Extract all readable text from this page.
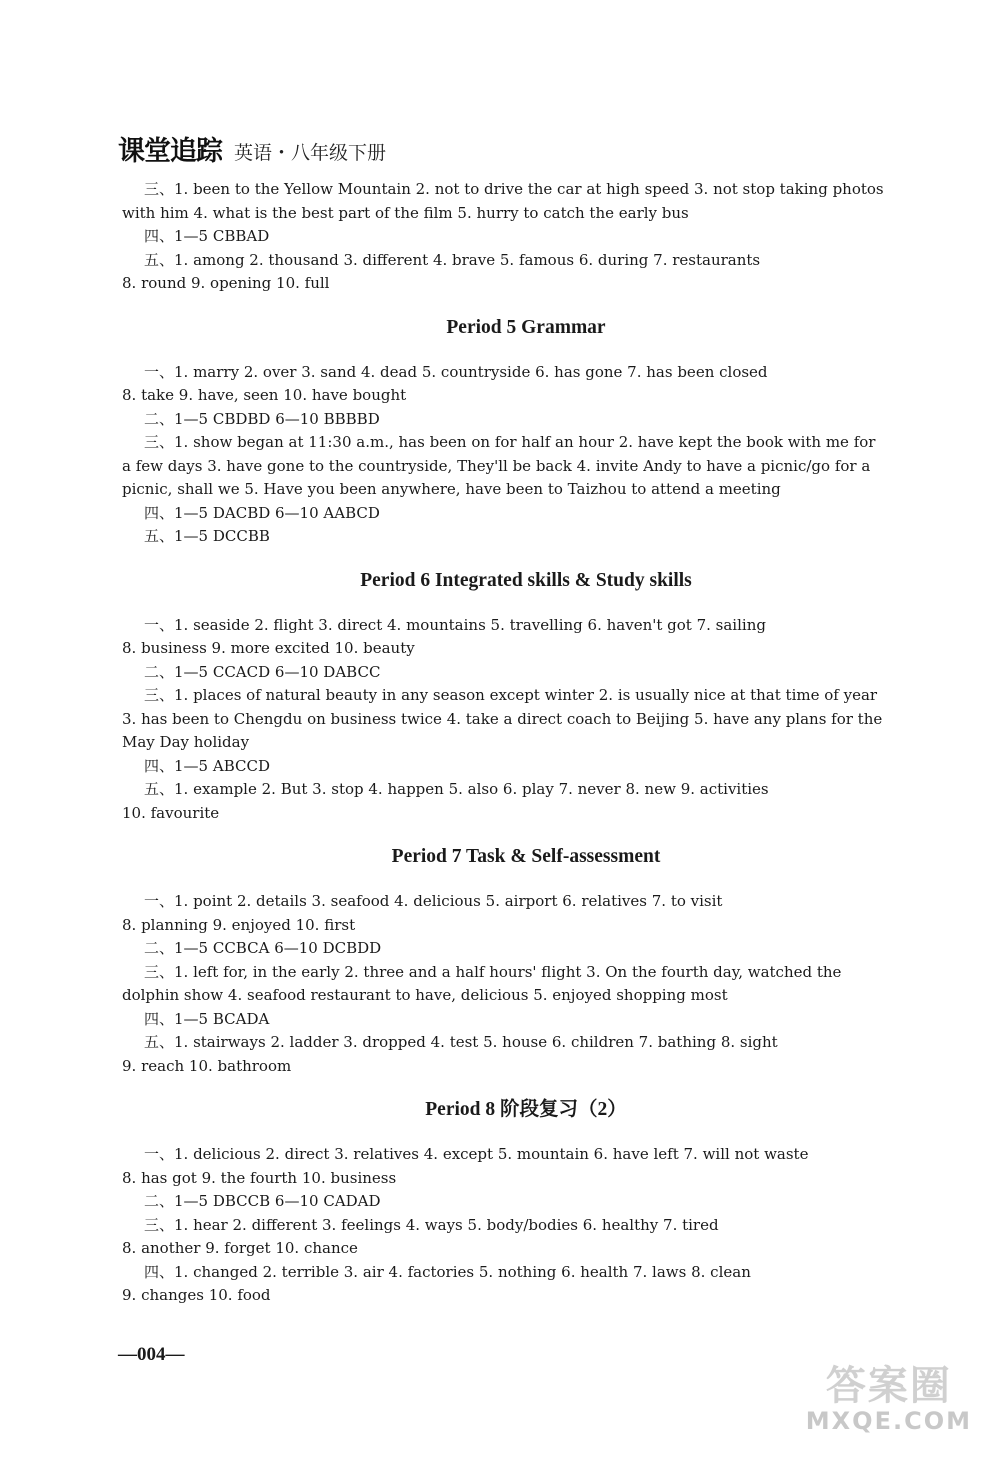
课堂追踪 英语・八年级下册
三、1. been to the Yellow Mountain 2. not to drive the car at high speed 3. not stop taking photos
with him 4. what is the best part of the film 5. hurry to catch the early bus
四、1—5 CBBAD
五、1. among 2. thousand 3. different 4. brave 5. famous 6. during 7. restaurants
8. round 9. opening 10. full
Period 5 Grammar
一、1. marry 2. over 3. sand 4. dead 5. countryside 6. has gone 7. has been closed
8. take 9. have, seen 10. have bought
二、1—5 CBDBD 6—10 BBBBD
三、1. show began at 11:30 a.m., has been on for half an hour 2. have kept the book with me for
a few days 3. have gone to the countryside, They'll be back 4. invite Andy to have a picnic/go for a
picnic, shall we 5. Have you been anywhere, have been to Taizhou to attend a meeting
四、1—5 DACBD 6—10 AABCD
五、1—5 DCCBB
Period 6 Integrated skills & Study skills
一、1. seaside 2. flight 3. direct 4. mountains 5. travelling 6. haven't got 7. sailing
8. business 9. more excited 10. beauty
二、1—5 CCACD 6—10 DABCC
三、1. places of natural beauty in any season except winter 2. is usually nice at that time of year
3. has been to Chengdu on business twice 4. take a direct coach to Beijing 5. have any plans for the
May Day holiday
四、1—5 ABCCD
五、1. example 2. But 3. stop 4. happen 5. also 6. play 7. never 8. new 9. activities
10. favourite
Period 7 Task & Self-assessment
一、1. point 2. details 3. seafood 4. delicious 5. airport 6. relatives 7. to visit
8. planning 9. enjoyed 10. first
二、1—5 CCBCA 6—10 DCBDD
三、1. left for, in the early 2. three and a half hours' flight 3. On the fourth day, watched the
dolphin show 4. seafood restaurant to have, delicious 5. enjoyed shopping most
四、1—5 BCADA
五、1. stairways 2. ladder 3. dropped 4. test 5. house 6. children 7. bathing 8. sight
9. reach 10. bathroom
Period 8 阶段复习（2）
一、1. delicious 2. direct 3. relatives 4. except 5. mountain 6. have left 7. will not waste
8. has got 9. the fourth 10. business
二、1—5 DBCCB 6—10 CADAD
三、1. hear 2. different 3. feelings 4. ways 5. body/bodies 6. healthy 7. tired
8. another 9. forget 10. chance
四、1. changed 2. terrible 3. air 4. factories 5. nothing 6. health 7. laws 8. clean
9. changes 10. food
—004—
答案圈
MXQE.COM
